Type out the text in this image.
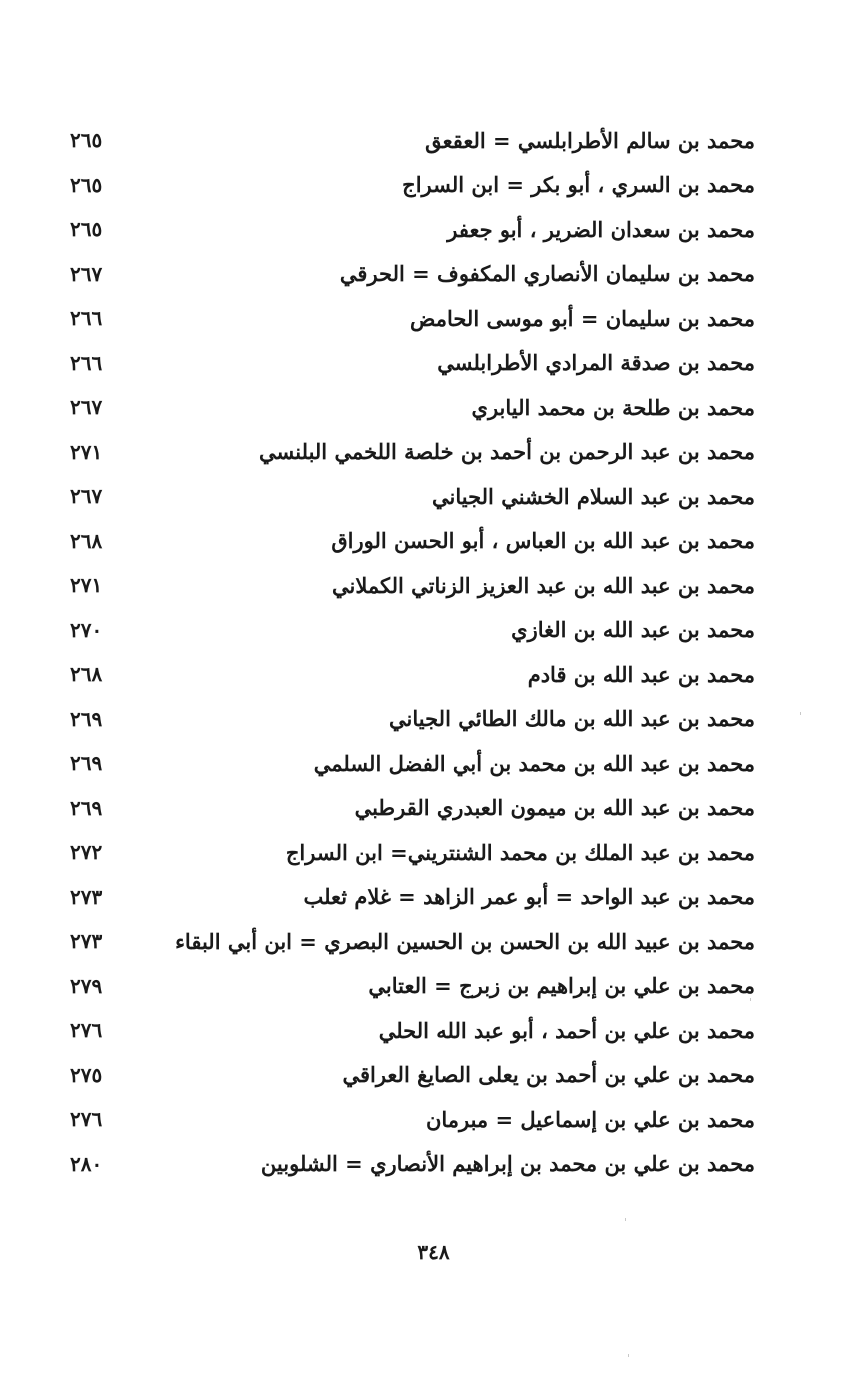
محمد بن سالم الأطرابلسي = العقعق
٢٦٥
محمد بن السري ، أبو بكر = ابن السراج
٢٦٥
محمد بن سعدان الضرير ، أبو جعفر
٢٦٥
محمد بن سليمان الأنصاري المكفوف = الحرقي
٢٦٧
محمد بن سليمان = أبو موسى الحامض
٢٦٦
محمد بن صدقة المرادي الأطرابلسي
٢٦٦
محمد بن طلحة بن محمد اليابري
٢٦٧
محمد بن عبد الرحمن بن أحمد بن خلصة اللخمي البلنسي
٢٧١
محمد بن عبد السلام الخشني الجياني
٢٦٧
محمد بن عبد الله بن العباس ، أبو الحسن الوراق
٢٦٨
محمد بن عبد الله بن عبد العزيز الزناتي الكملاني
٢٧١
محمد بن عبد الله بن الغازي
٢٧٠
محمد بن عبد الله بن قادم
٢٦٨
محمد بن عبد الله بن مالك الطائي الجياني
٢٦٩
محمد بن عبد الله بن محمد بن أبي الفضل السلمي
٢٦٩
محمد بن عبد الله بن ميمون العبدري القرطبي
٢٦٩
محمد بن عبد الملك بن محمد الشنتريني= ابن السراج
٢٧٢
محمد بن عبد الواحد = أبو عمر الزاهد = غلام ثعلب
٢٧٣
محمد بن عبيد الله بن الحسن بن الحسين البصري = ابن أبي البقاء
٢٧٣
محمد بن علي بن إبراهيم بن زبرج = العتابي
٢٧٩
محمد بن علي بن أحمد ، أبو عبد الله الحلي
٢٧٦
محمد بن علي بن أحمد بن يعلى الصايغ العراقي
٢٧٥
محمد بن علي بن إسماعيل = مبرمان
٢٧٦
محمد بن علي بن محمد بن إبراهيم الأنصاري = الشلوبين
٢٨٠
٣٤٨
